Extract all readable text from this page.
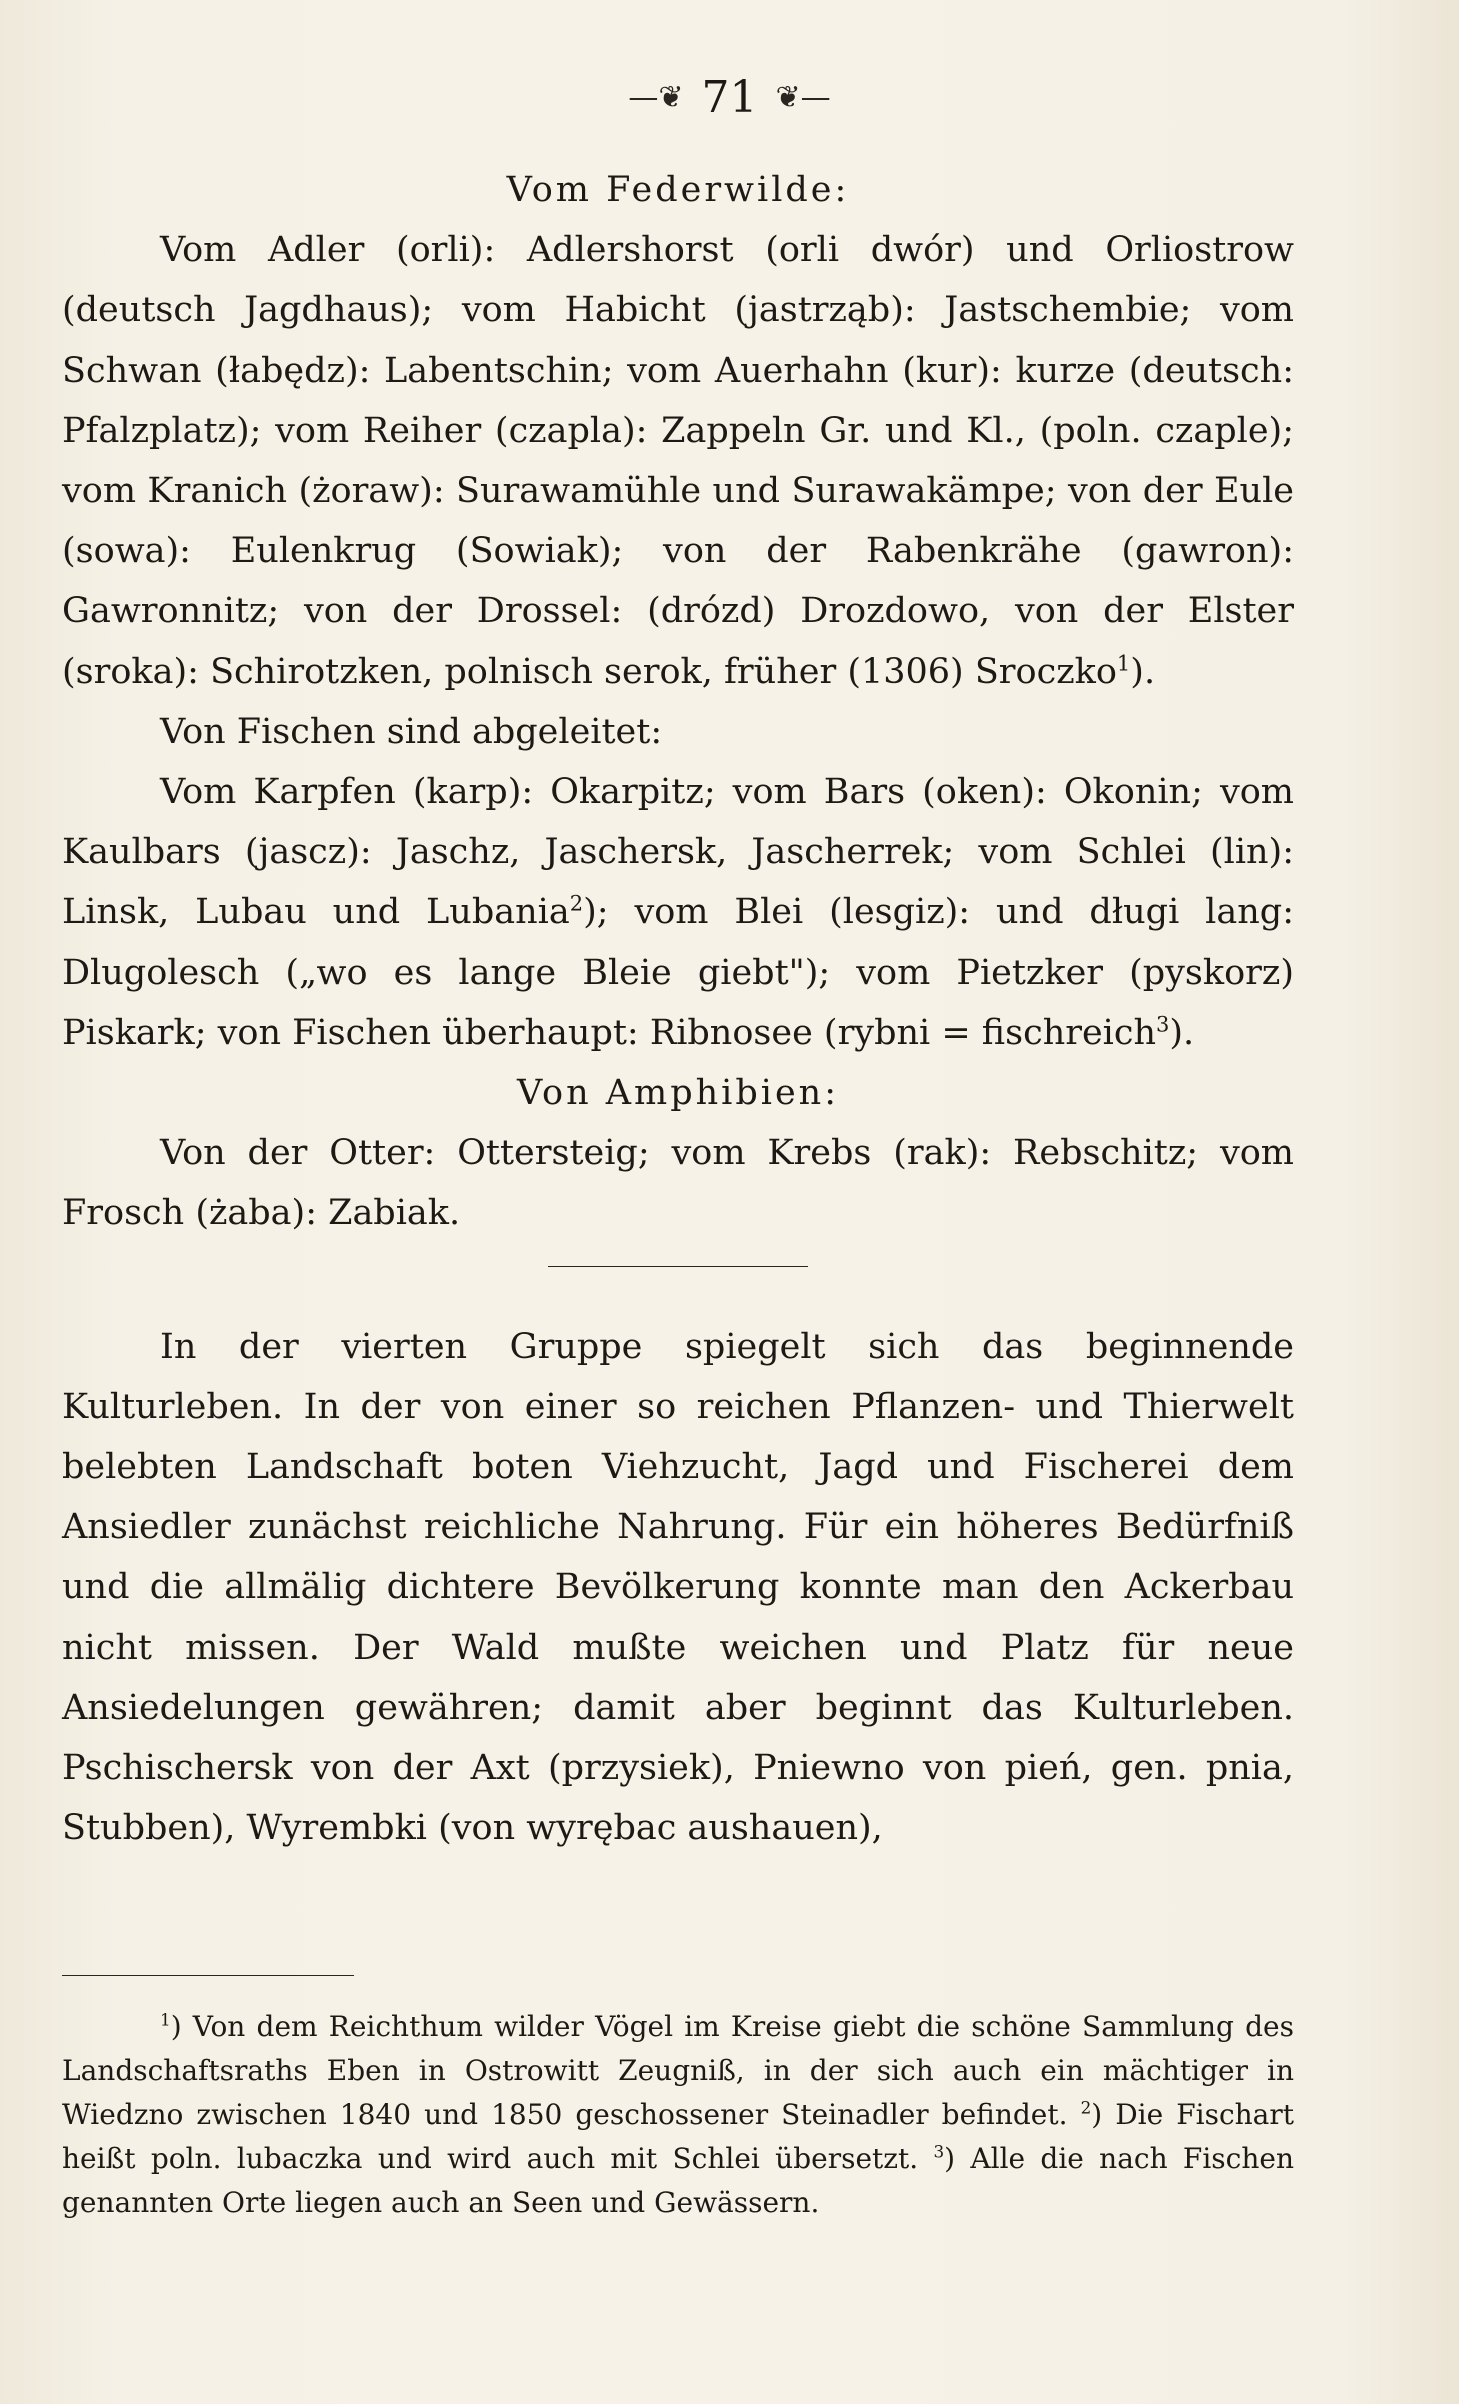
—❦ 71 ❦—

Vom Federwilde:

Vom Adler (orli): Adlershorst (orli dwór) und Orliostrow (deutsch Jagdhaus); vom Habicht (jastrząb): Jastschembie; vom Schwan (łabędz): Labentschin; vom Auerhahn (kur): kurze (deutsch: Pfalzplatz); vom Reiher (czapla): Zappeln Gr. und Kl., (poln. czaple); vom Kranich (żoraw): Surawamühle und Surawakämpe; von der Eule (sowa): Eulenkrug (Sowiak); von der Rabenkrähe (gawron): Gawronnitz; von der Drossel: (drózd) Drozdowo, von der Elster (sroka): Schirotzken, polnisch serok, früher (1306) Sroczko$^1$).

Von Fischen sind abgeleitet:

Vom Karpfen (karp): Okarpitz; vom Bars (oken): Okonin; vom Kaulbars (jascz): Jaschz, Jaschersk, Jascherrek; vom Schlei (lin): Linsk, Lubau und Lubania$^2$); vom Blei (lesgiz): und długi lang: Dlugolesch („wo es lange Bleie giebt"); vom Pietzker (pyskorz) Piskark; von Fischen überhaupt: Ribnosee (rybni = fischreich$^3$).

Von Amphibien:

Von der Otter: Ottersteig; vom Krebs (rak): Rebschitz; vom Frosch (żaba): Zabiak.

In der vierten Gruppe spiegelt sich das beginnende Kulturleben. In der von einer so reichen Pflanzen- und Thierwelt belebten Landschaft boten Viehzucht, Jagd und Fischerei dem Ansiedler zunächst reichliche Nahrung. Für ein höheres Bedürfniß und die allmälig dichtere Bevölkerung konnte man den Ackerbau nicht missen. Der Wald mußte weichen und Platz für neue Ansiedelungen gewähren; damit aber beginnt das Kulturleben. Pschischersk von der Axt (przysiek), Pniewno von pień, gen. pnia, Stubben), Wyrembki (von wyrębac aushauen),

$^1$) Von dem Reichthum wilder Vögel im Kreise giebt die schöne Sammlung des Landschaftsraths Eben in Ostrowitt Zeugniß, in der sich auch ein mächtiger in Wiedzno zwischen 1840 und 1850 geschossener Steinadler befindet. $^2$) Die Fischart heißt poln. lubaczka und wird auch mit Schlei übersetzt. $^3$) Alle die nach Fischen genannten Orte liegen auch an Seen und Gewässern.
